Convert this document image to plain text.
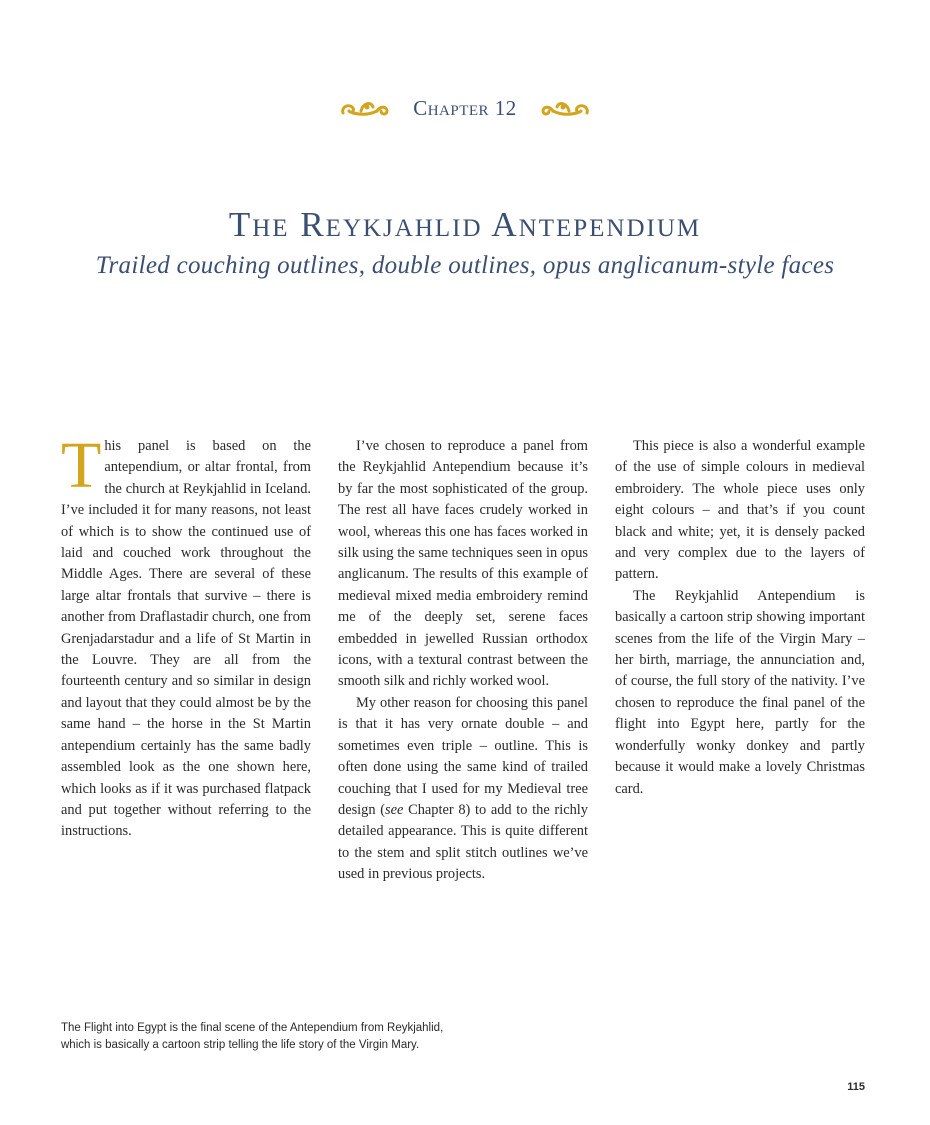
Chapter 12
The Reykjahlid Antependium
Trailed couching outlines, double outlines, opus anglicanum-style faces
T his panel is based on the antependium, or altar frontal, from the church at Reykjahlid in Iceland. I’ve included it for many reasons, not least of which is to show the continued use of laid and couched work throughout the Middle Ages. There are several of these large altar frontals that survive – there is another from Draflastadir church, one from Grenjadarstadur and a life of St Martin in the Louvre. They are all from the fourteenth century and so similar in design and layout that they could almost be by the same hand – the horse in the St Martin antependium certainly has the same badly assembled look as the one shown here, which looks as if it was purchased flatpack and put together without referring to the instructions.

I’ve chosen to reproduce a panel from the Reykjahlid Antependium because it’s by far the most sophisticated of the group. The rest all have faces crudely worked in wool, whereas this one has faces worked in silk using the same techniques seen in opus anglicanum. The results of this example of medieval mixed media embroidery remind me of the deeply set, serene faces embedded in jewelled Russian orthodox icons, with a textural contrast between the smooth silk and richly worked wool.

My other reason for choosing this panel is that it has very ornate double – and sometimes even triple – outline. This is often done using the same kind of trailed couching that I used for my Medieval tree design (see Chapter 8) to add to the richly detailed appearance. This is quite different to the stem and split stitch outlines we’ve used in previous projects.

This piece is also a wonderful example of the use of simple colours in medieval embroidery. The whole piece uses only eight colours – and that’s if you count black and white; yet, it is densely packed and very complex due to the layers of pattern.

The Reykjahlid Antependium is basically a cartoon strip showing important scenes from the life of the Virgin Mary – her birth, marriage, the annunciation and, of course, the full story of the nativity. I’ve chosen to reproduce the final panel of the flight into Egypt here, partly for the wonderfully wonky donkey and partly because it would make a lovely Christmas card.

The Flight into Egypt is the final scene of the Antependium from Reykjahlid,
which is basically a cartoon strip telling the life story of the Virgin Mary.
115
